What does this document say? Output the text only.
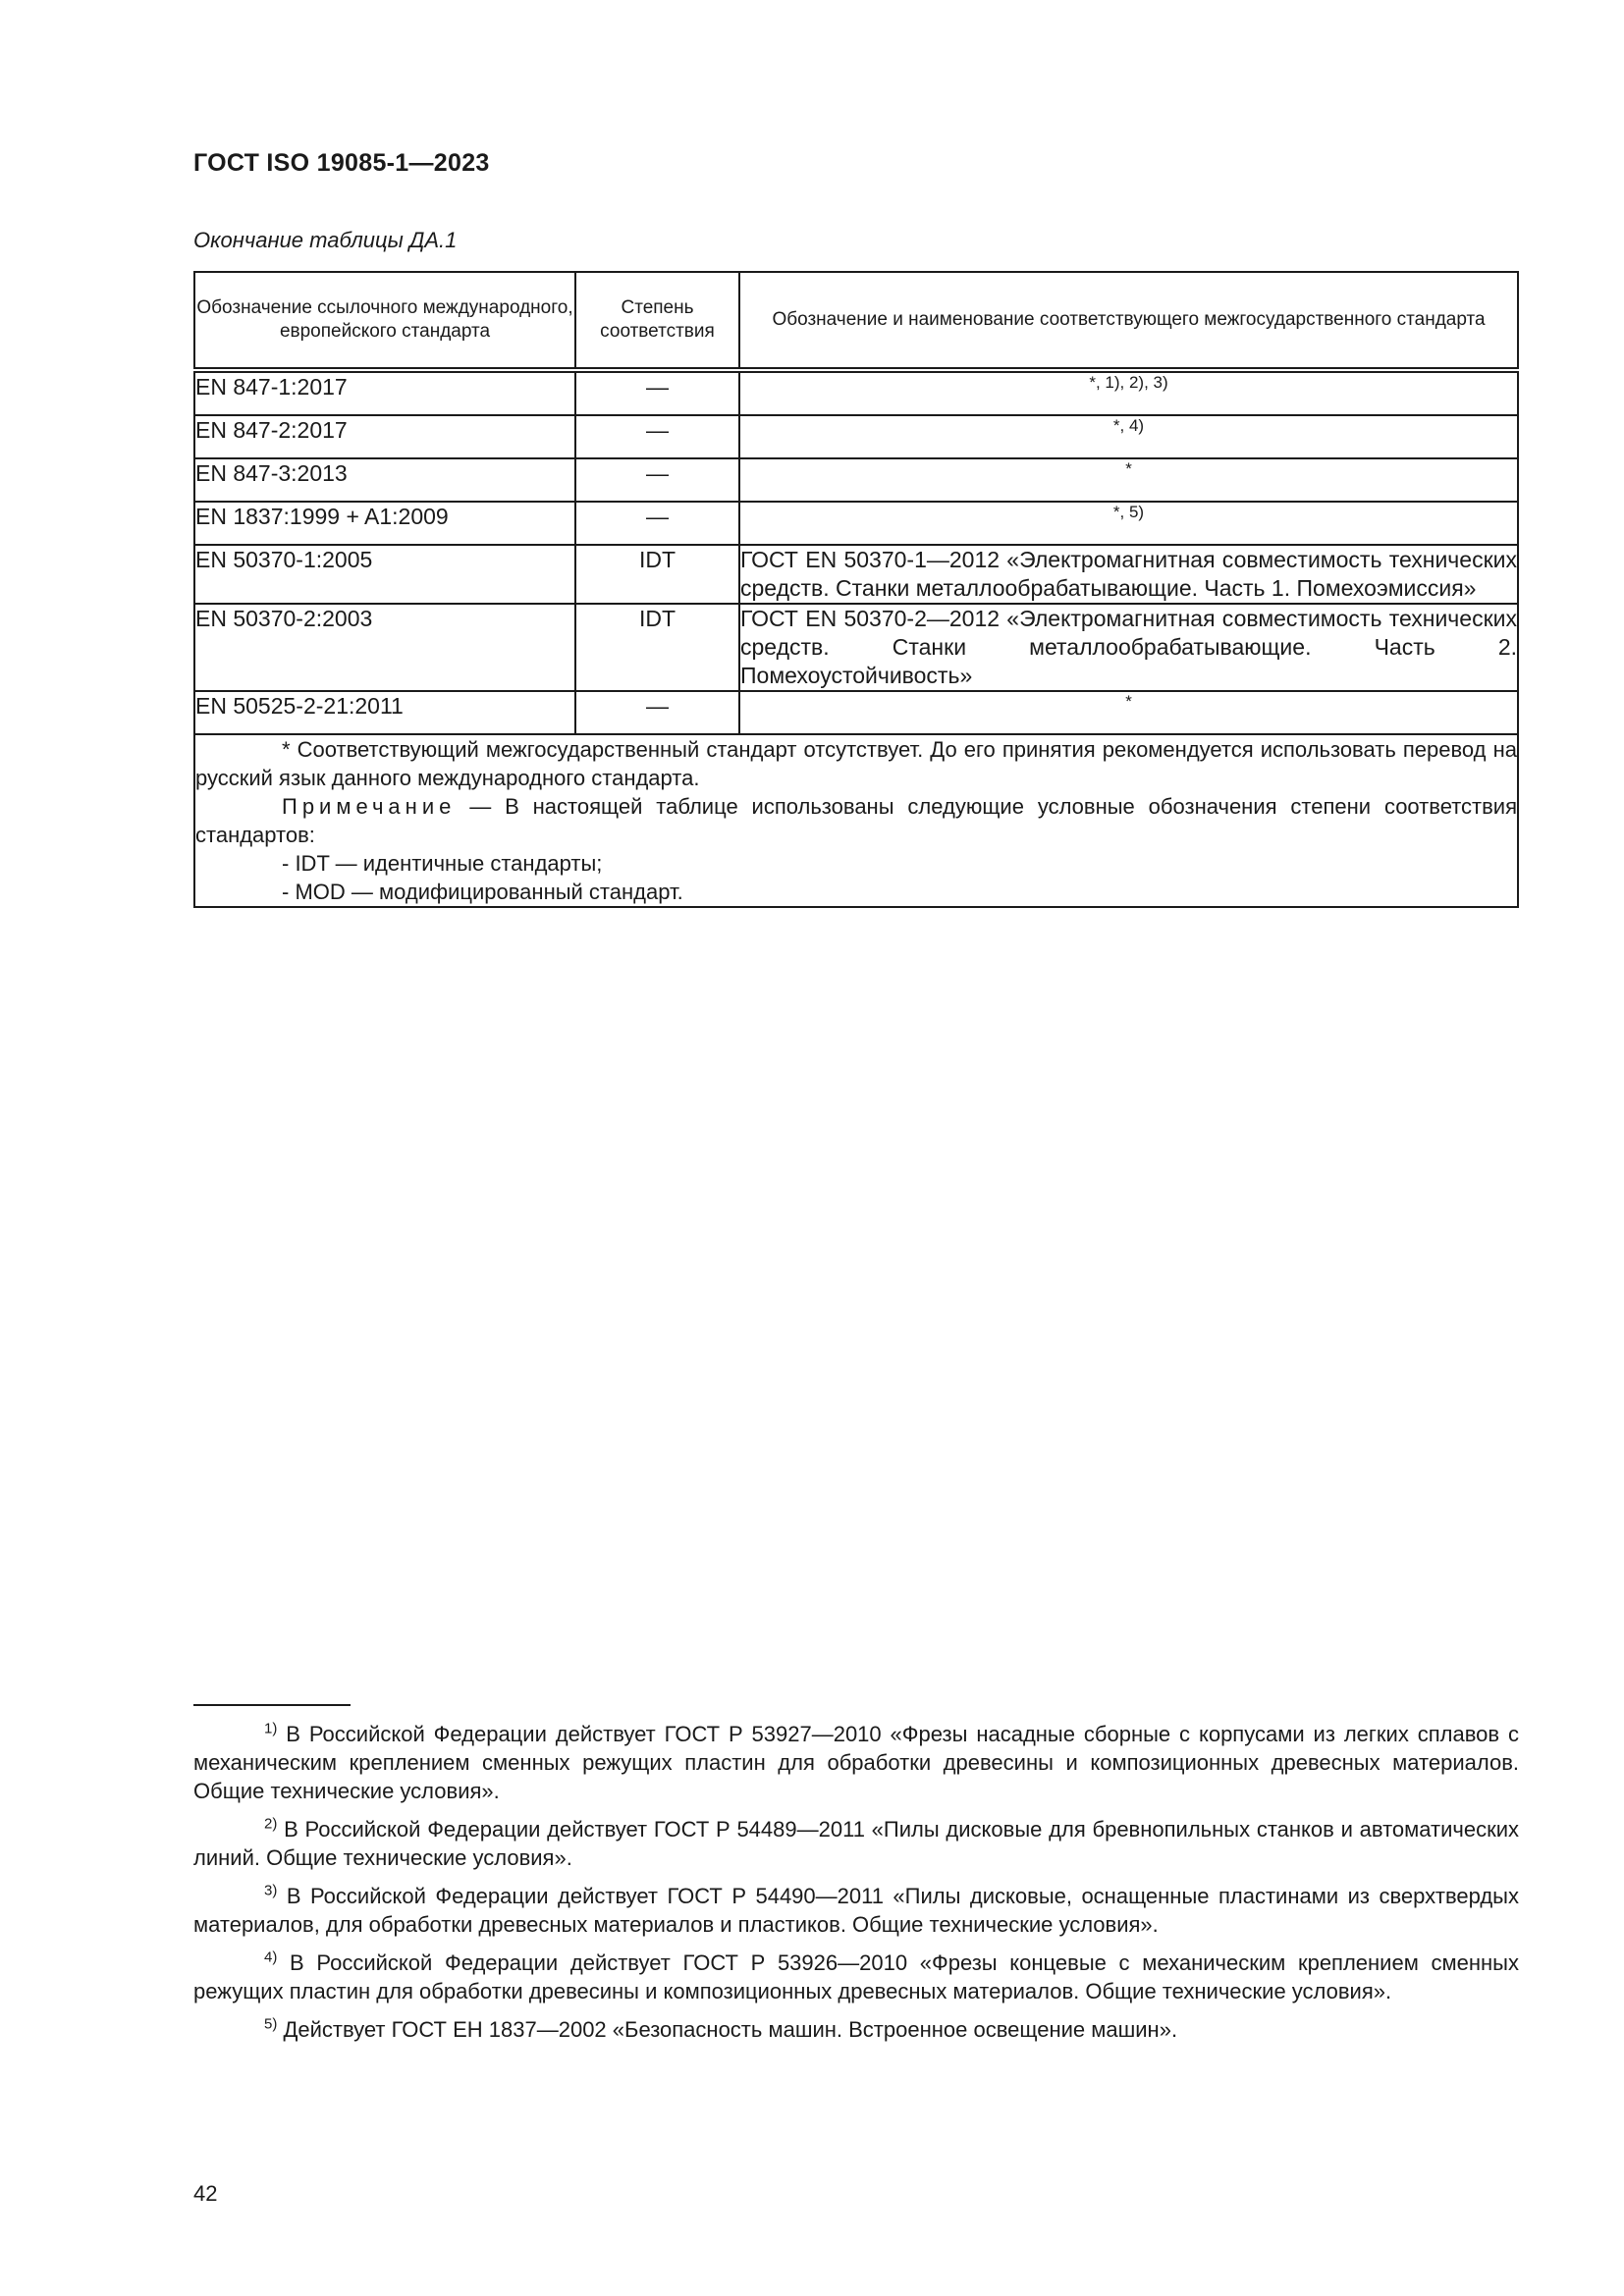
ГОСТ ISO 19085-1—2023
Окончание таблицы ДА.1
Обозначение ссылочного международного, европейского стандарта	Степень соответствия	Обозначение и наименование соответствующего межгосударственного стандарта
EN 847-1:2017	—	*, 1), 2), 3)
EN 847-2:2017	—	*, 4)
EN 847-3:2013	—	*
EN 1837:1999 + A1:2009	—	*, 5)
EN 50370-1:2005	IDT	ГОСТ EN 50370-1—2012 «Электромагнитная совместимость технических средств. Станки металлообрабатывающие. Часть 1. Помехоэмиссия»
EN 50370-2:2003	IDT	ГОСТ EN 50370-2—2012 «Электромагнитная совместимость технических средств. Станки металлообрабатывающие. Часть 2. Помехоустойчивость»
EN 50525-2-21:2011	—	*

* Соответствующий межгосударственный стандарт отсутствует. До его принятия рекомендуется использовать перевод на русский язык данного международного стандарта.
Примечание — В настоящей таблице использованы следующие условные обозначения степени соответствия стандартов:
- IDT — идентичные стандарты;
- MOD — модифицированный стандарт.		

$^{1)}$ В Российской Федерации действует ГОСТ Р 53927—2010 «Фрезы насадные сборные с корпусами из легких сплавов с механическим креплением сменных режущих пластин для обработки древесины и композиционных древесных материалов. Общие технические условия».

$^{2)}$ В Российской Федерации действует ГОСТ Р 54489—2011 «Пилы дисковые для бревнопильных станков и автоматических линий. Общие технические условия».

$^{3)}$ В Российской Федерации действует ГОСТ Р 54490—2011 «Пилы дисковые, оснащенные пластинами из сверхтвердых материалов, для обработки древесных материалов и пластиков. Общие технические условия».

$^{4)}$ В Российской Федерации действует ГОСТ Р 53926—2010 «Фрезы концевые с механическим креплением сменных режущих пластин для обработки древесины и композиционных древесных материалов. Общие технические условия».

$^{5)}$ Действует ГОСТ ЕН 1837—2002 «Безопасность машин. Встроенное освещение машин».

42
